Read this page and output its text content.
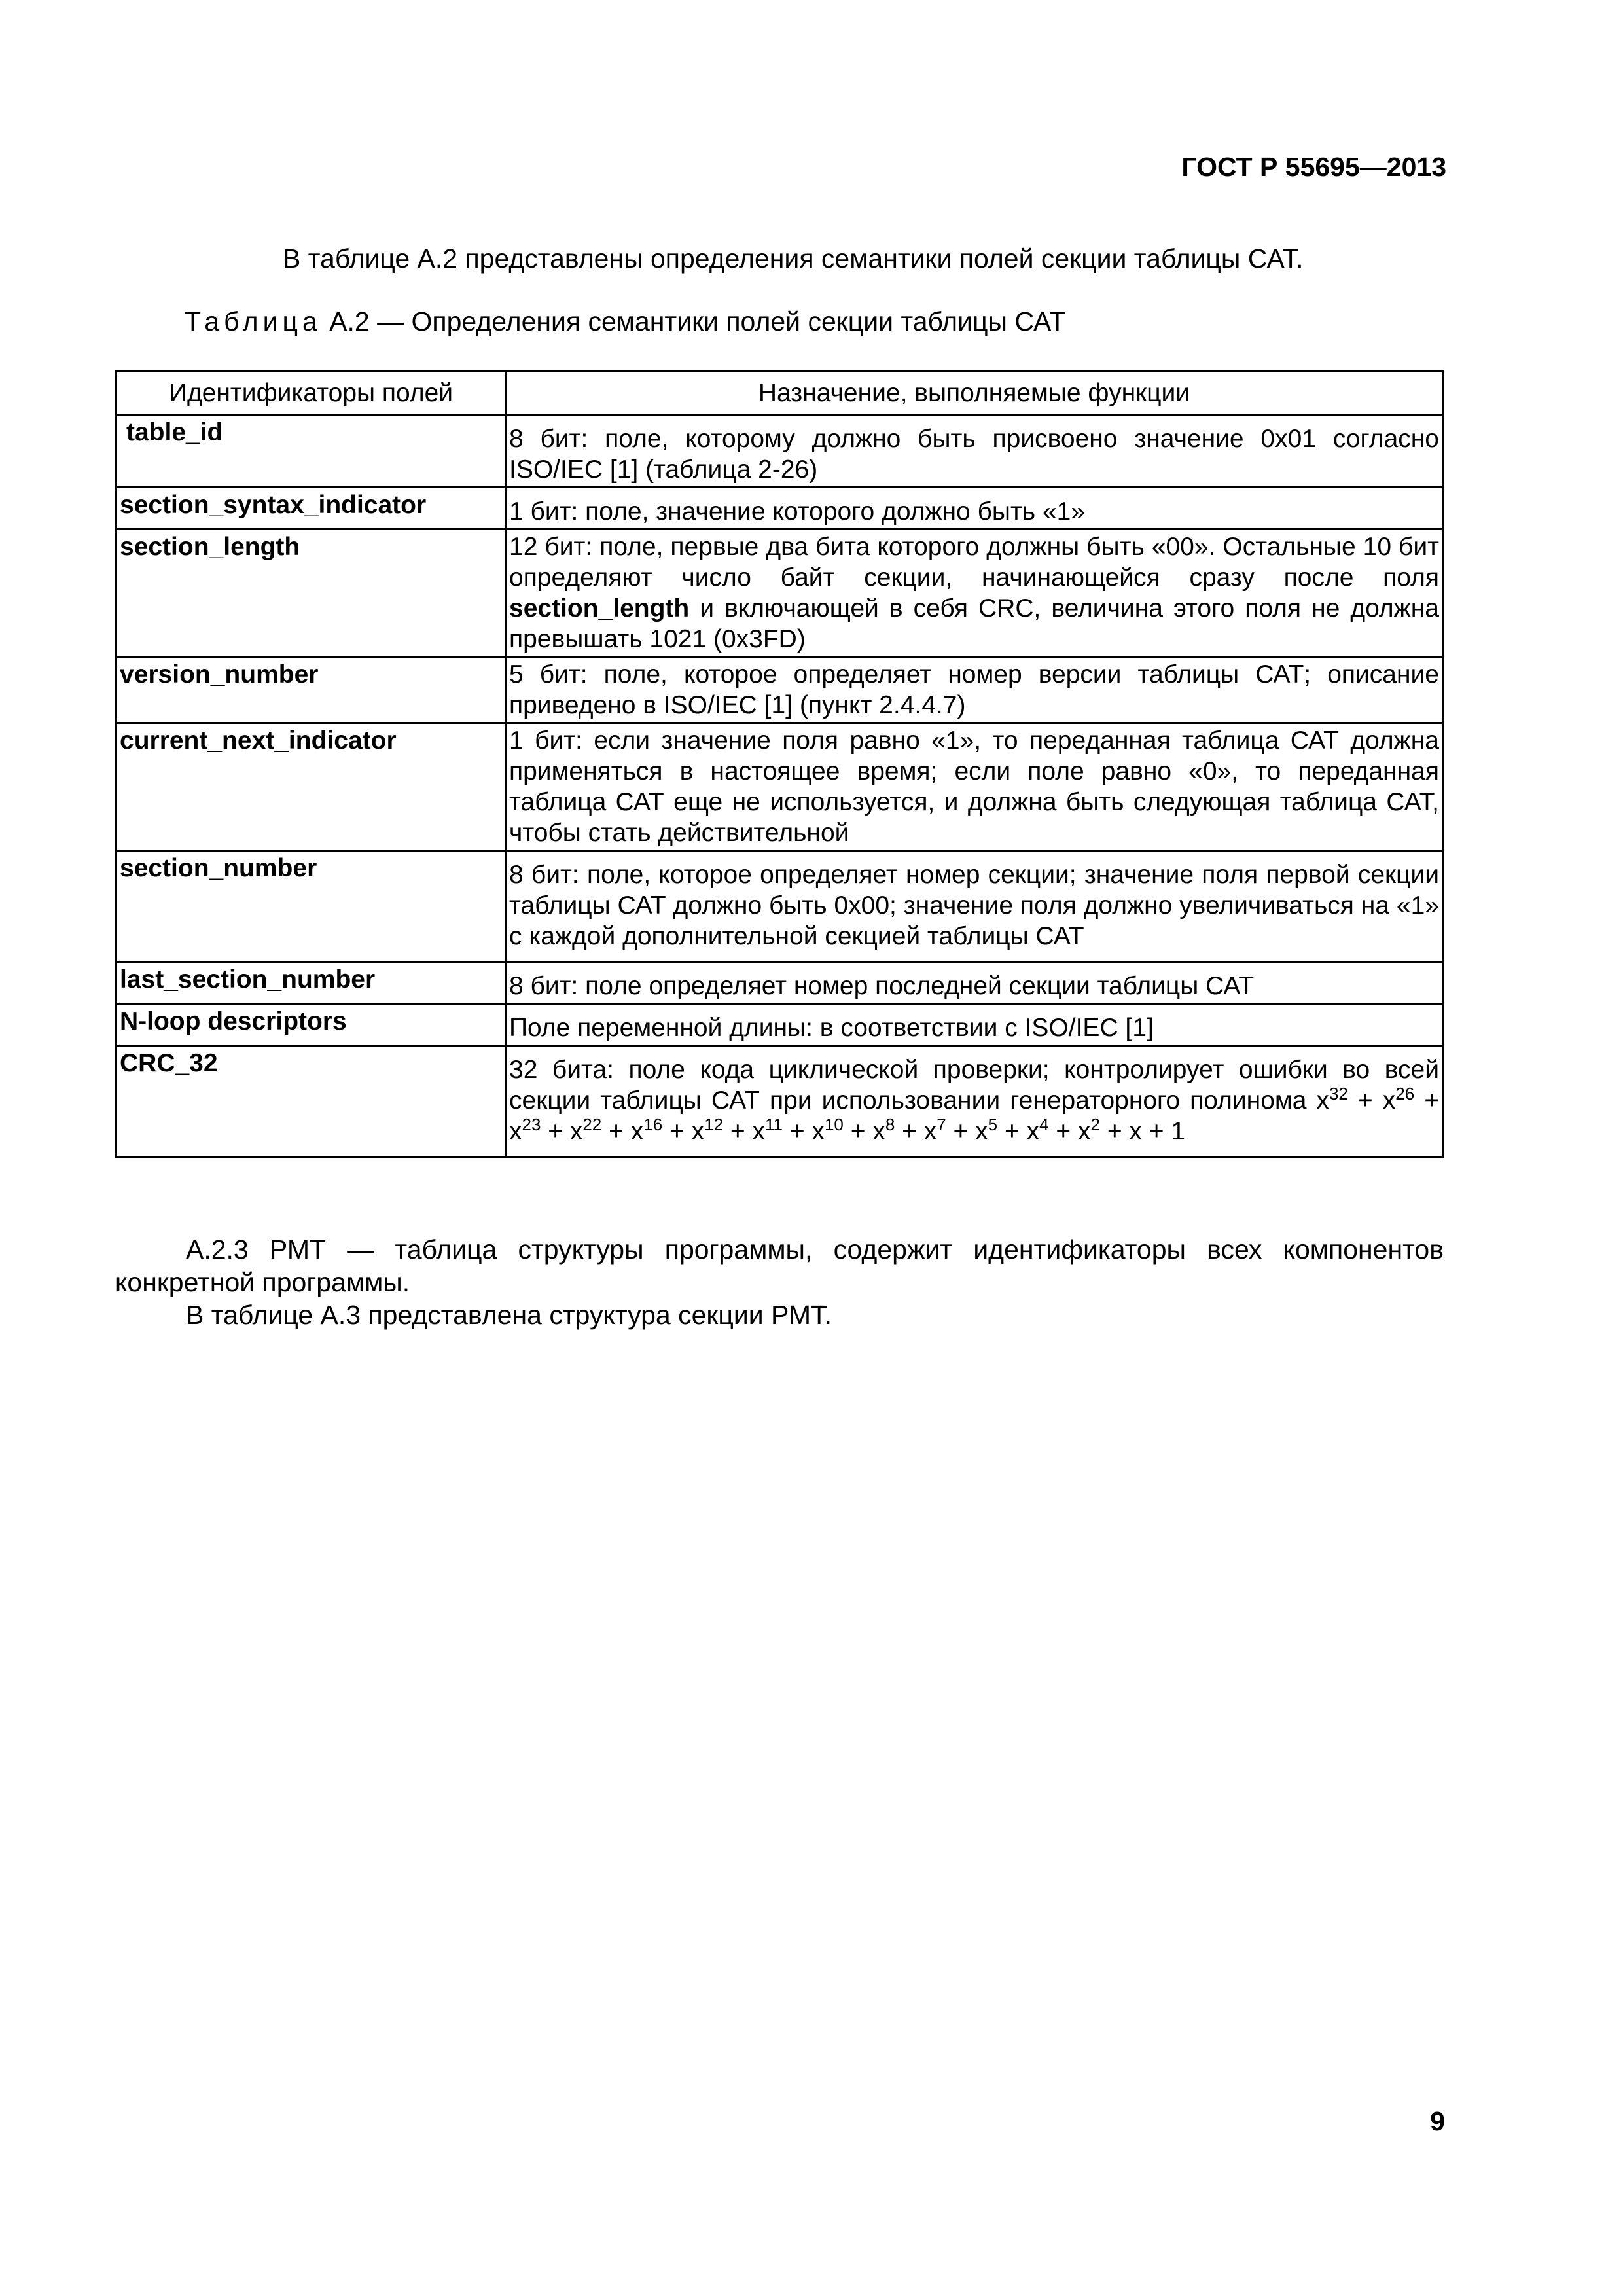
ГОСТ Р 55695—2013
В таблице А.2 представлены определения семантики полей секции таблицы САТ.
Таблица А.2 — Определения семантики полей секции таблицы САТ
Идентификаторы полей	Назначение, выполняемые функции
table_id	8 бит: поле, которому должно быть присвоено значение 0x01 согласно ISO/IEC [1] (таблица 2-26)
section_syntax_indicator	1 бит: поле, значение которого должно быть «1»
section_length	12 бит: поле, первые два бита которого должны быть «00». Остальные 10 бит определяют число байт секции, начинающейся сразу после поля section_length и включающей в себя CRC, величина этого поля не должна превышать 1021 (0x3FD)
version_number	5 бит: поле, которое определяет номер версии таблицы САТ; описание приведено в ISO/IEC [1] (пункт 2.4.4.7)
current_next_indicator	1 бит: если значение поля равно «1», то переданная таблица САТ должна применяться в настоящее время; если поле равно «0», то переданная таблица САТ еще не используется, и должна быть следующая таблица САТ, чтобы стать действительной
section_number	8 бит: поле, которое определяет номер секции; значение поля первой секции таблицы САТ должно быть 0x00; значение поля должно увеличиваться на «1» с каждой дополнительной секцией таблицы САТ
last_section_number	8 бит: поле определяет номер последней секции таблицы САТ
N-loop descriptors	Поле переменной длины: в соответствии с ISO/IEC [1]
CRC_32	32 бита: поле кода циклической проверки; контролирует ошибки во всей секции таблицы САТ при использовании генераторного полинома $x^{32} + x^{26} + x^{23} + x^{22} + x^{16} + x^{12} + x^{11} + x^{10} + x^8 + x^7 + x^5 + x^4 + x^2 + x + 1$
А.2.3 РМТ — таблица структуры программы, содержит идентификаторы всех компонентов конкретной программы.
В таблице А.3 представлена структура секции РМТ.
9
